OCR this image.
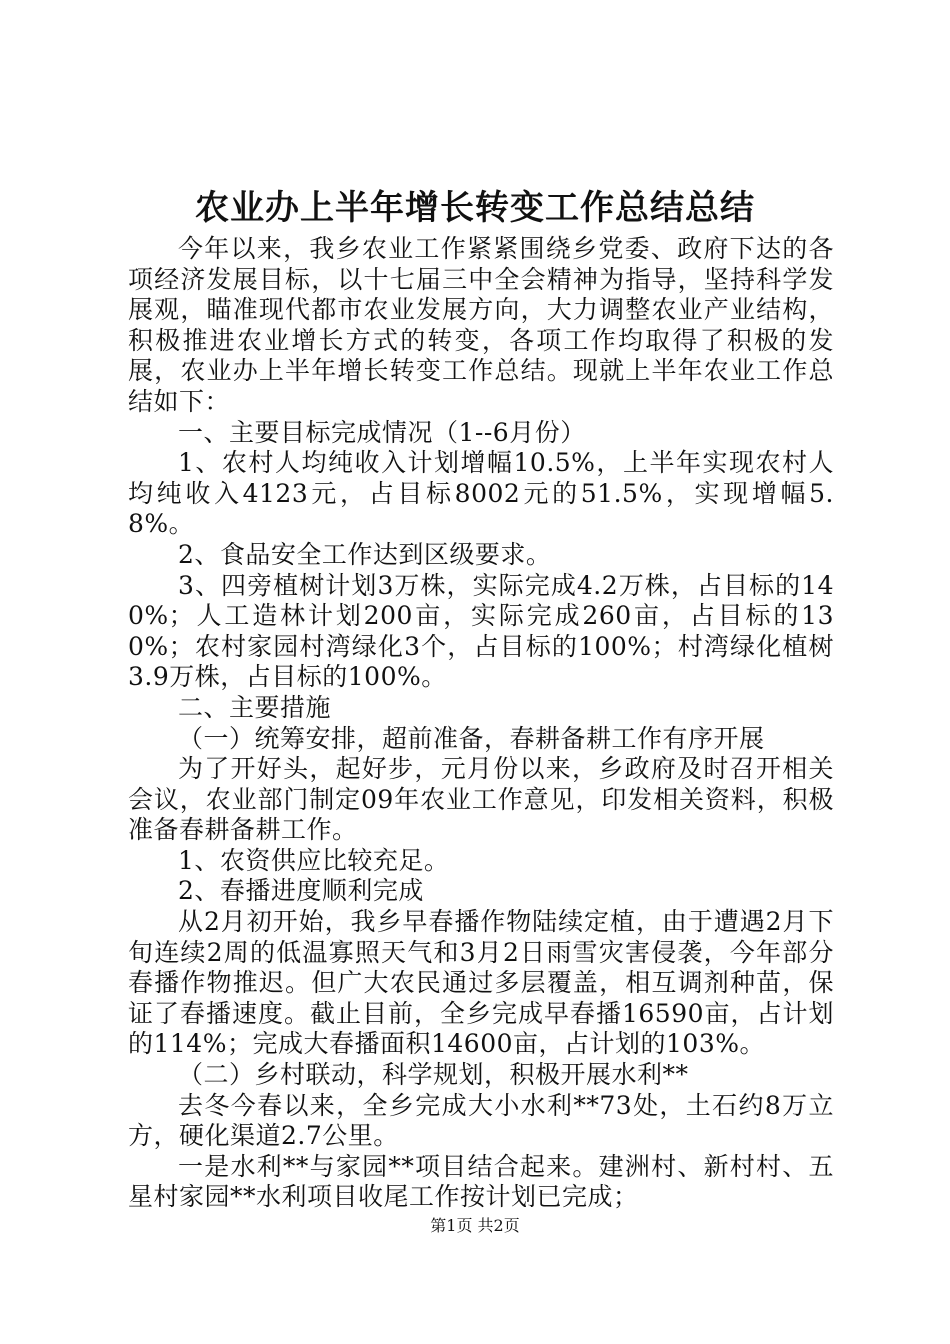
农业办上半年增长转变工作总结总结

今年以来，我乡农业工作紧紧围绕乡党委、政府下达的各项经济发展目标，以十七届三中全会精神为指导，坚持科学发展观，瞄准现代都市农业发展方向，大力调整农业产业结构，积极推进农业增长方式的转变，各项工作均取得了积极的发展，农业办上半年增长转变工作总结。现就上半年农业工作总结如下：

一、主要目标完成情况（1--6月份）

1、农村人均纯收入计划增幅10.5%，上半年实现农村人均纯收入4123元，占目标8002元的51.5%，实现增幅5.8%。

2、食品安全工作达到区级要求。

3、四旁植树计划3万株，实际完成4.2万株，占目标的140%；人工造林计划200亩，实际完成260亩，占目标的130%；农村家园村湾绿化3个，占目标的100%；村湾绿化植树3.9万株，占目标的100%。

二、主要措施

（一）统筹安排，超前准备，春耕备耕工作有序开展

为了开好头，起好步，元月份以来，乡政府及时召开相关会议，农业部门制定09年农业工作意见，印发相关资料，积极准备春耕备耕工作。

1、农资供应比较充足。

2、春播进度顺利完成

从2月初开始，我乡早春播作物陆续定植，由于遭遇2月下旬连续2周的低温寡照天气和3月2日雨雪灾害侵袭，今年部分春播作物推迟。但广大农民通过多层覆盖，相互调剂种苗，保证了春播速度。截止目前，全乡完成早春播16590亩，占计划的114%；完成大春播面积14600亩，占计划的103%。

（二）乡村联动，科学规划，积极开展水利**

去冬今春以来，全乡完成大小水利**73处，土石约8万立方，硬化渠道2.7公里。

一是水利**与家园**项目结合起来。建洲村、新村村、五星村家园**水利项目收尾工作按计划已完成；

第1页 共2页
